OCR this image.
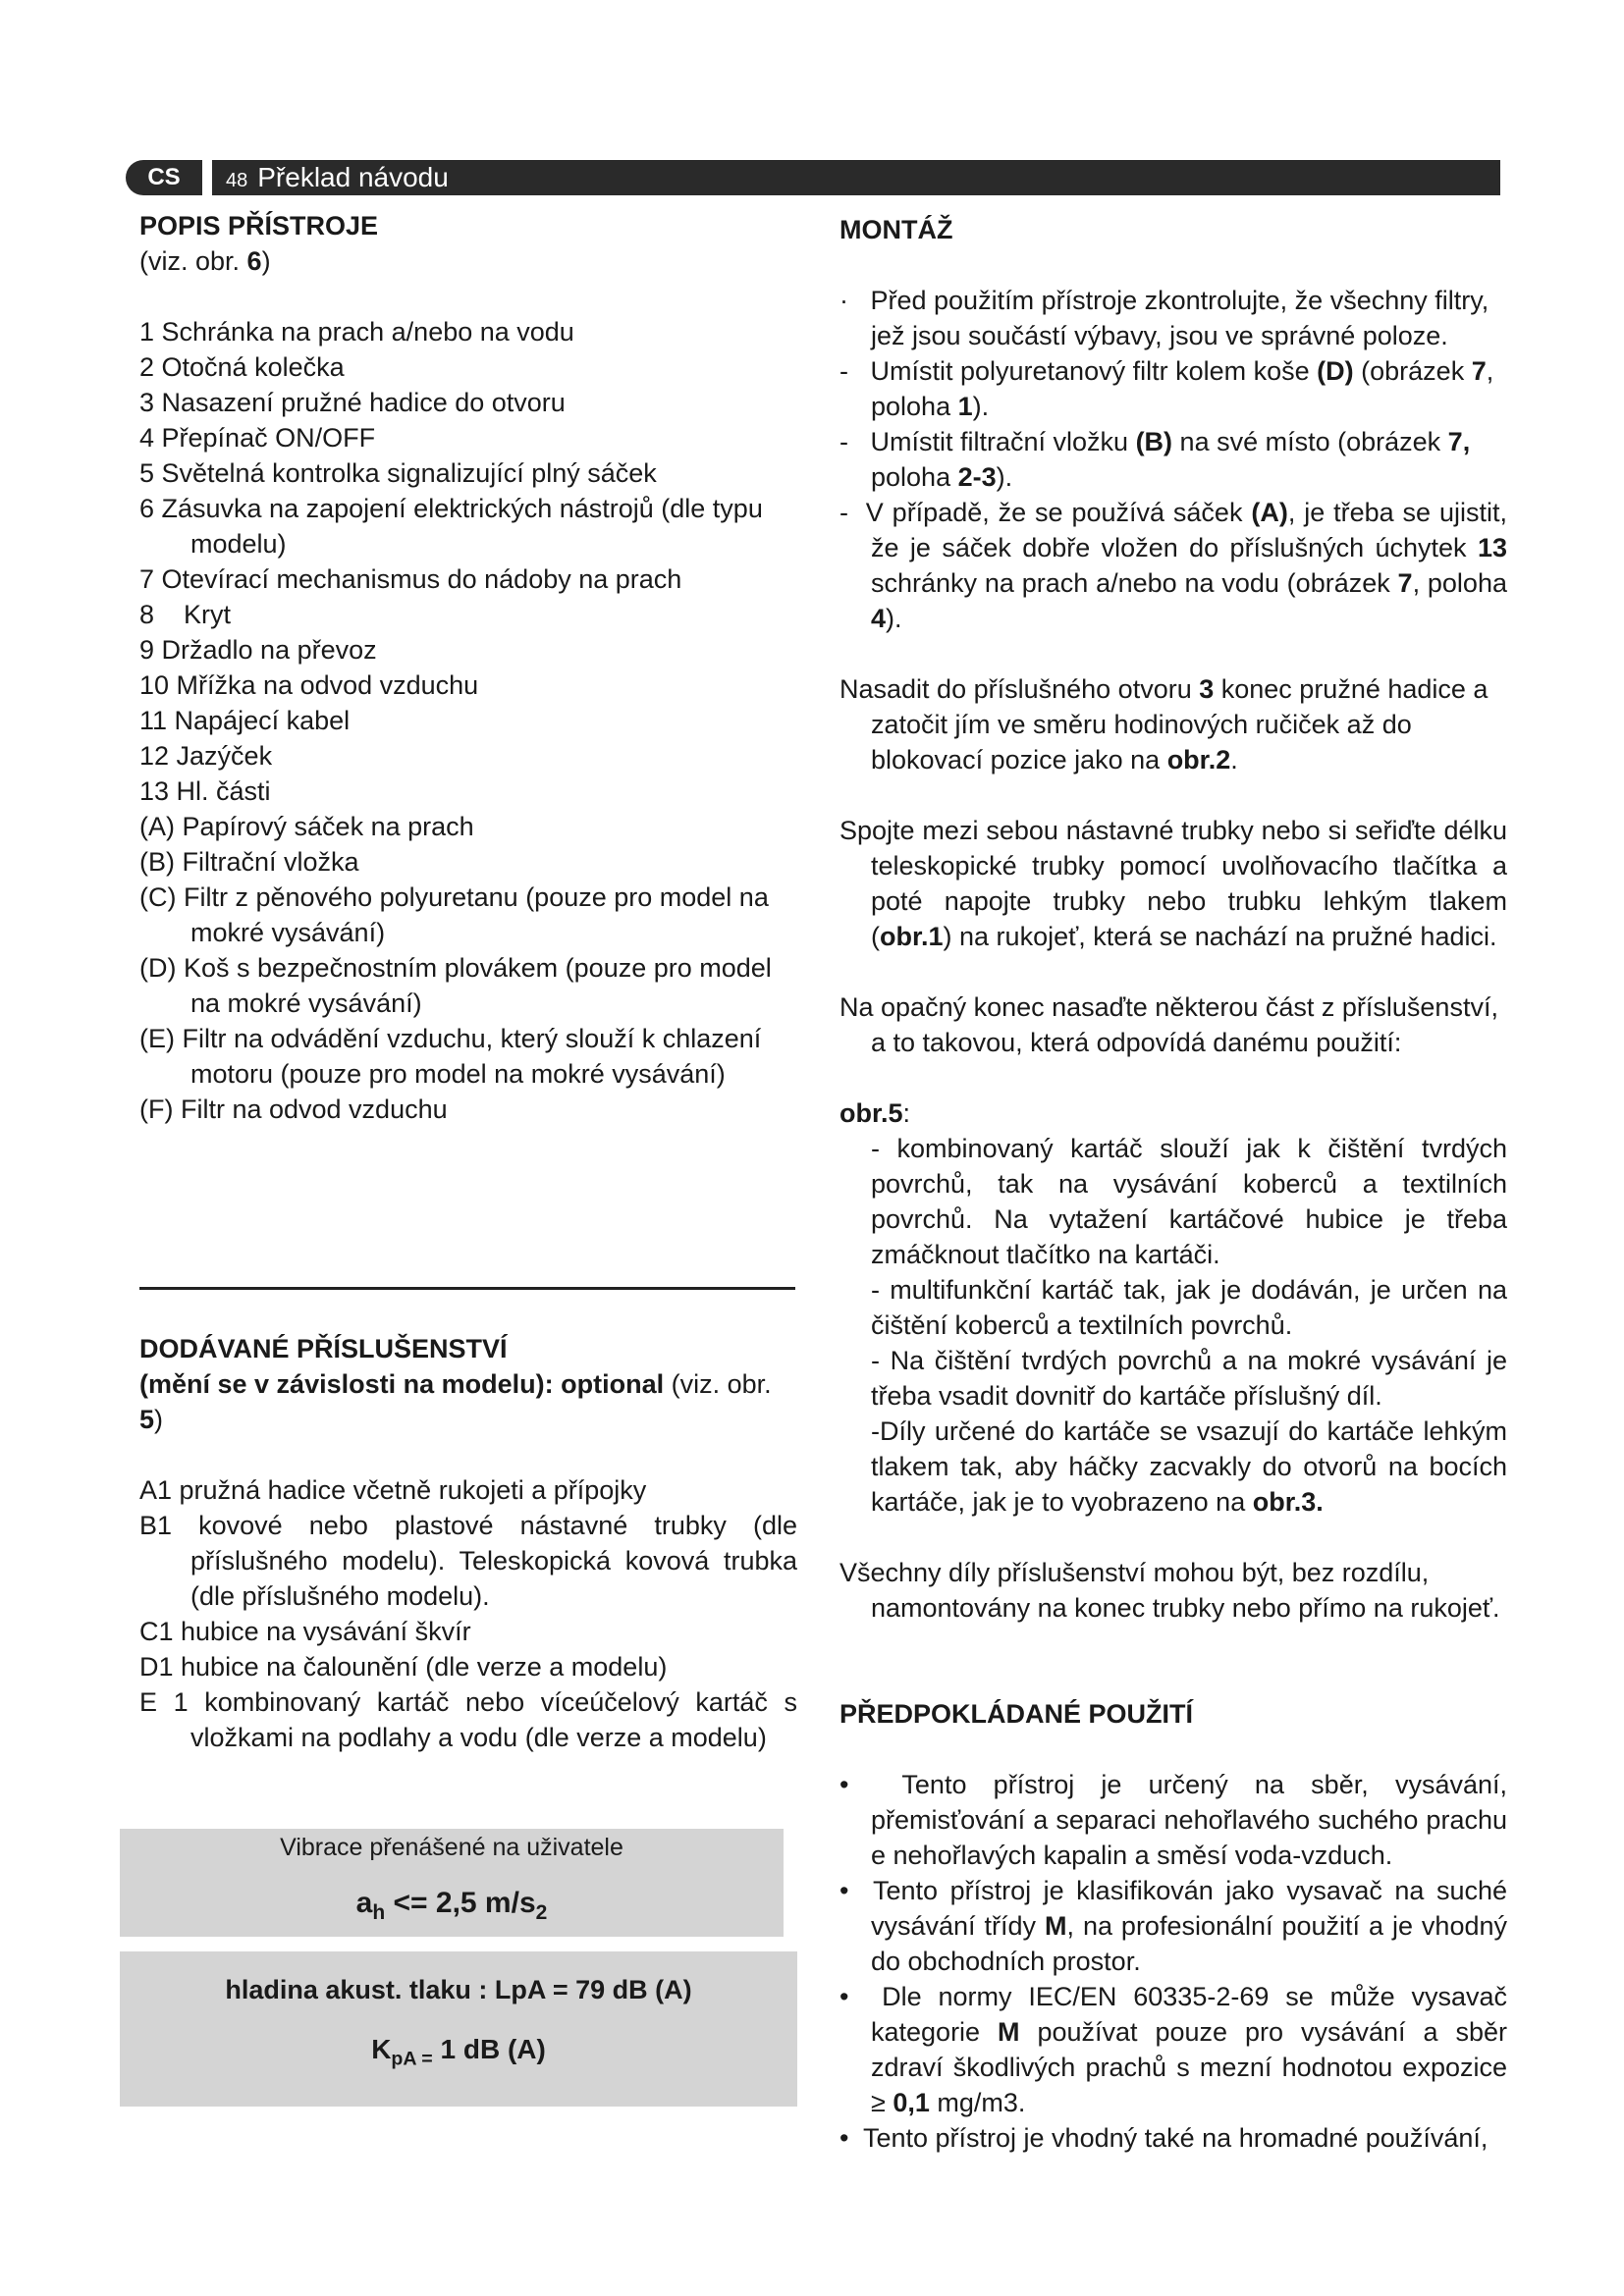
CS	48 Překlad návodu

POPIS PŘÍSTROJE

(viz. obr. 6)

1 Schránka na prach a/nebo na vodu

2 Otočná kolečka

3 Nasazení pružné hadice do otvoru

4 Přepínač ON/OFF

5 Světelná kontrolka signalizující plný sáček

6 Zásuvka na zapojení elektrických nástrojů (dle typu modelu)

7 Otevírací mechanismus do nádoby na prach

8    Kryt

9 Držadlo na převoz

10 Mřížka na odvod vzduchu

11 Napájecí kabel

12 Jazýček

13 Hl. části

(A) Papírový sáček na prach

(B) Filtrační vložka

(C) Filtr z pěnového polyuretanu (pouze pro model na mokré vysávání)

(D) Koš s bezpečnostním plovákem (pouze pro model na mokré vysávání)

(E) Filtr na odvádění vzduchu, který slouží k chlazení motoru (pouze pro model na mokré vysávání)

(F) Filtr na odvod vzduchu

DODÁVANÉ PŘÍSLUŠENSTVÍ

(mění se v závislosti na modelu): optional (viz. obr. 5)

A1 pružná hadice včetně rukojeti a přípojky

B1 kovové nebo plastové nástavné trubky (dle příslušného modelu). Teleskopická kovová trubka (dle příslušného modelu).

C1 hubice na vysávání škvír

D1 hubice na čalounění (dle verze a modelu)

E 1 kombinovaný kartáč nebo víceúčelový kartáč s vložkami na podlahy a vodu (dle verze a modelu)

Vibrace přenášené na uživatele
$a_h <= 2,5$ $m/s_2$
hladina akust. tlaku : LpA = 79 dB (A)
$K_{pA =}$ 1 dB (A)

MONTÁŽ

·   Před použitím přístroje zkontrolujte, že všechny filtry, jež jsou součástí výbavy, jsou ve správné poloze.

-   Umístit polyuretanový filtr kolem koše (D) (obrázek 7, poloha 1).

-   Umístit filtrační vložku (B) na své místo (obrázek 7, poloha 2-3).

-  V případě, že se používá sáček (A), je třeba se ujistit, že je sáček dobře vložen do příslušných úchytek 13 schránky na prach a/nebo na vodu (obrázek 7, poloha 4).

Nasadit do příslušného otvoru 3 konec pružné hadice a zatočit jím ve směru hodinových ručiček až do blokovací pozice jako na obr.2.

Spojte mezi sebou nástavné trubky nebo si seřiďte délku teleskopické trubky pomocí uvolňovacího tlačítka a poté napojte trubky nebo trubku lehkým tlakem (obr.1) na rukojeť, která se nachází na pružné hadici.

Na opačný konec nasaďte některou část z příslušenství, a to takovou, která odpovídá danému použití:

obr.5:

- kombinovaný kartáč slouží jak k čištění tvrdých povrchů, tak na vysávání koberců a textilních povrchů. Na vytažení kartáčové hubice je třeba zmáčknout tlačítko na kartáči.

- multifunkční kartáč tak, jak je dodáván, je určen na čištění koberců a textilních povrchů.

- Na čištění tvrdých povrchů a na mokré vysávání je třeba vsadit dovnitř do kartáče příslušný díl.

-Díly určené do kartáče se vsazují do kartáče lehkým tlakem tak, aby háčky zacvakly do otvorů na bocích kartáče, jak je to vyobrazeno na obr.3.

Všechny díly příslušenství mohou být, bez rozdílu, namontovány na konec trubky nebo přímo na rukojeť.

PŘEDPOKLÁDANÉ POUŽITÍ

•  Tento přístroj je určený na sběr, vysávání, přemisťování a separaci nehořlavého suchého prachu e nehořlavých kapalin a směsí voda-vzduch.

•  Tento přístroj je klasifikován jako vysavač na suché vysávání třídy M, na profesionální použití a je vhodný do obchodních prostor.

•  Dle normy IEC/EN 60335-2-69 se může vysavač kategorie M používat pouze pro vysávání a sběr zdraví škodlivých prachů s mezní hodnotou expozice ≥ 0,1 mg/m3.

•  Tento přístroj je vhodný také na hromadné používání,
